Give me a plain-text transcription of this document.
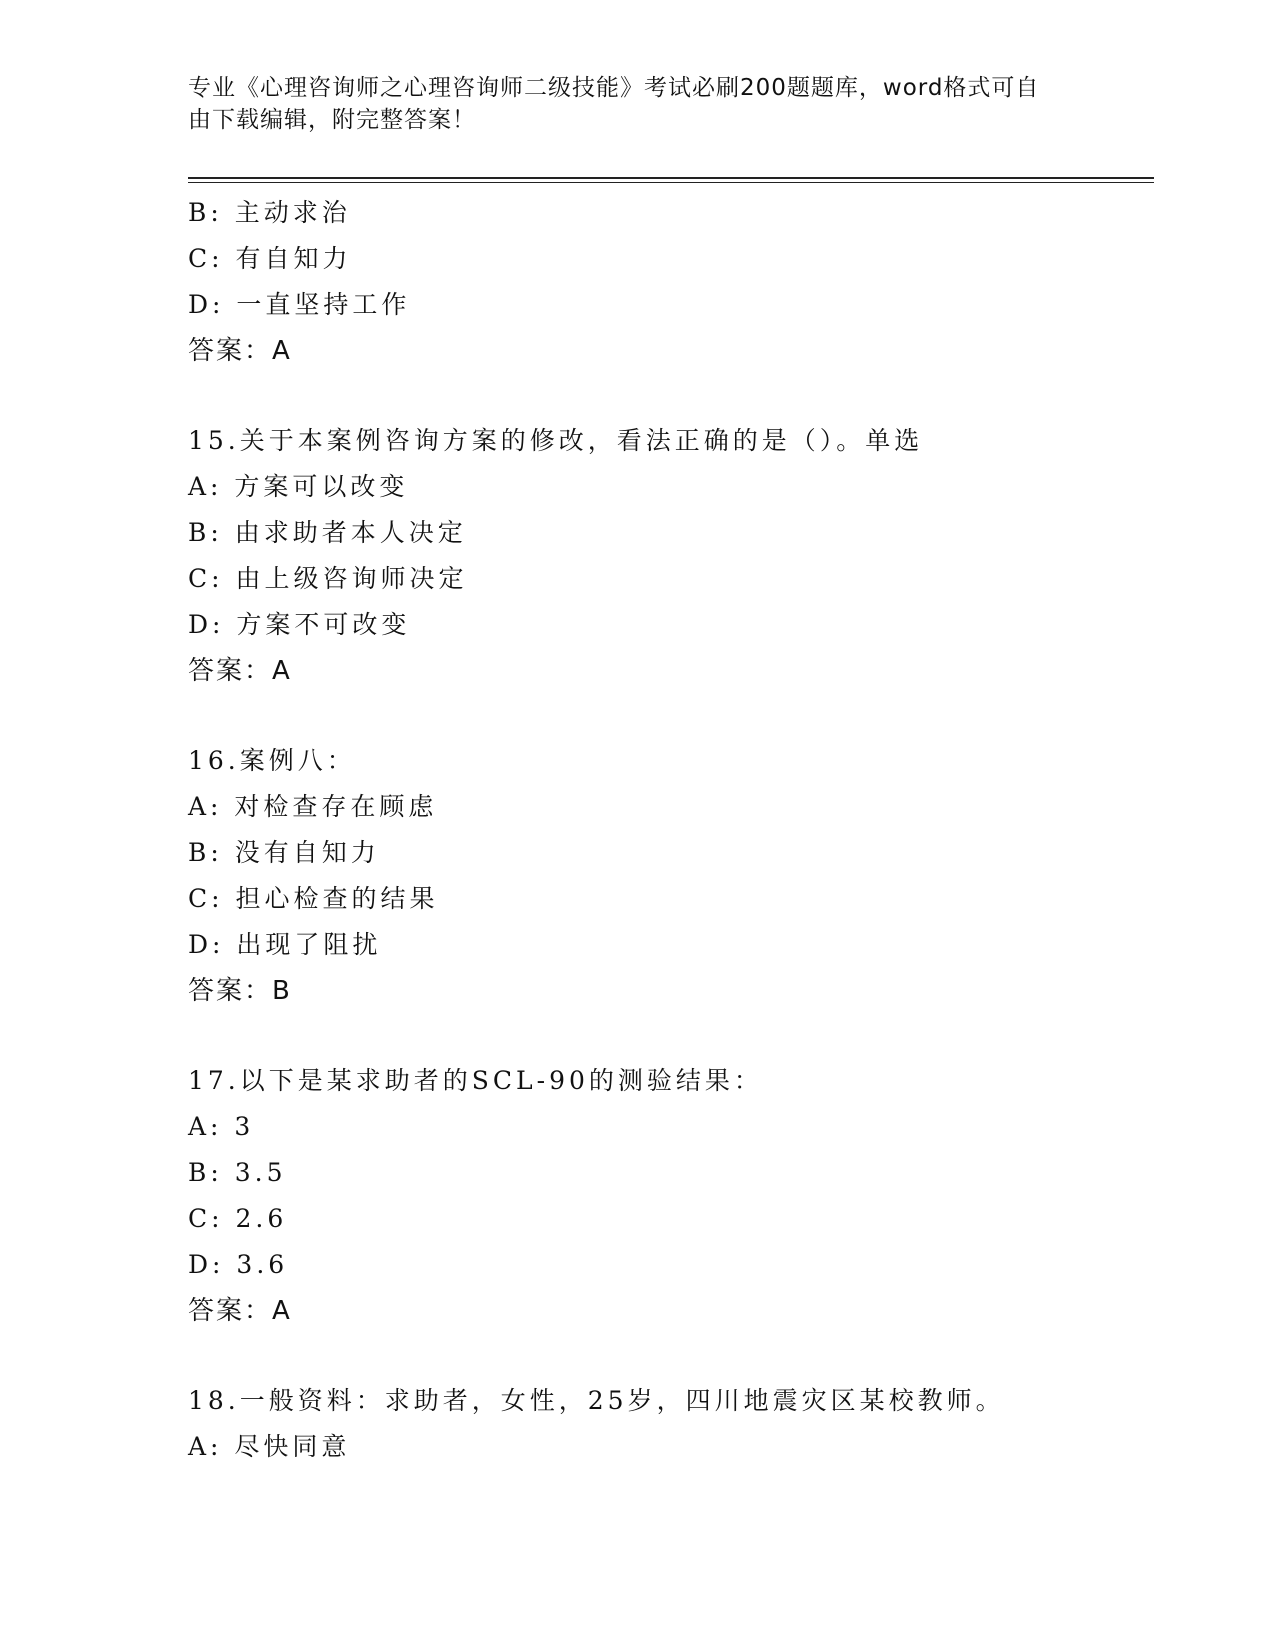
专业《心理咨询师之心理咨询师二级技能》考试必刷200题题库，word格式可自
由下载编辑，附完整答案！
B: 主动求治
C: 有自知力
D: 一直坚持工作
答案：A
15.关于本案例咨询方案的修改，看法正确的是（）。单选
A: 方案可以改变
B: 由求助者本人决定
C: 由上级咨询师决定
D: 方案不可改变
答案：A
16.案例八：
A: 对检查存在顾虑
B: 没有自知力
C: 担心检查的结果
D: 出现了阻扰
答案：B
17.以下是某求助者的SCL-90的测验结果：
A: 3
B: 3.5
C: 2.6
D: 3.6
答案：A
18.一般资料：求助者，女性，25岁，四川地震灾区某校教师。
A: 尽快同意
